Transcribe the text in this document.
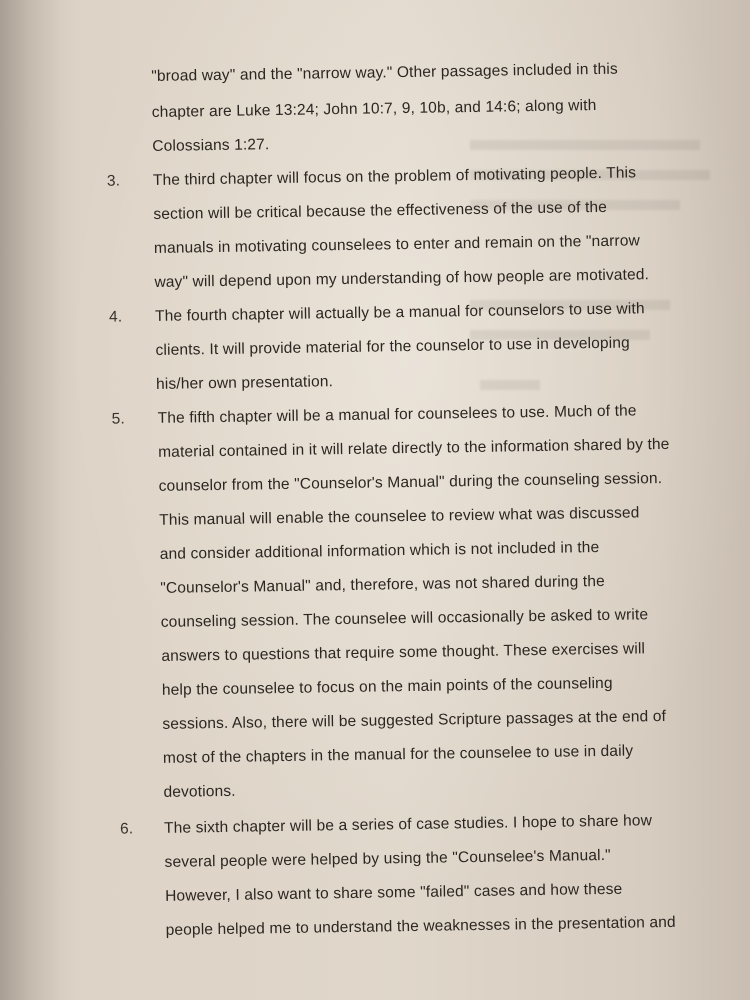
"broad way" and the "narrow way." Other passages included in this
chapter are Luke 13:24; John 10:7, 9, 10b, and 14:6; along with
Colossians 1:27.
3. The third chapter will focus on the problem of motivating people. This
section will be critical because the effectiveness of the use of the
manuals in motivating counselees to enter and remain on the "narrow
way" will depend upon my understanding of how people are motivated.
4. The fourth chapter will actually be a manual for counselors to use with
clients. It will provide material for the counselor to use in developing
his/her own presentation.
5. The fifth chapter will be a manual for counselees to use. Much of the
material contained in it will relate directly to the information shared by the
counselor from the "Counselor's Manual" during the counseling session.
This manual will enable the counselee to review what was discussed
and consider additional information which is not included in the
"Counselor's Manual" and, therefore, was not shared during the
counseling session. The counselee will occasionally be asked to write
answers to questions that require some thought. These exercises will
help the counselee to focus on the main points of the counseling
sessions. Also, there will be suggested Scripture passages at the end of
most of the chapters in the manual for the counselee to use in daily
devotions.
6. The sixth chapter will be a series of case studies. I hope to share how
several people were helped by using the "Counselee's Manual."
However, I also want to share some "failed" cases and how these
people helped me to understand the weaknesses in the presentation and
